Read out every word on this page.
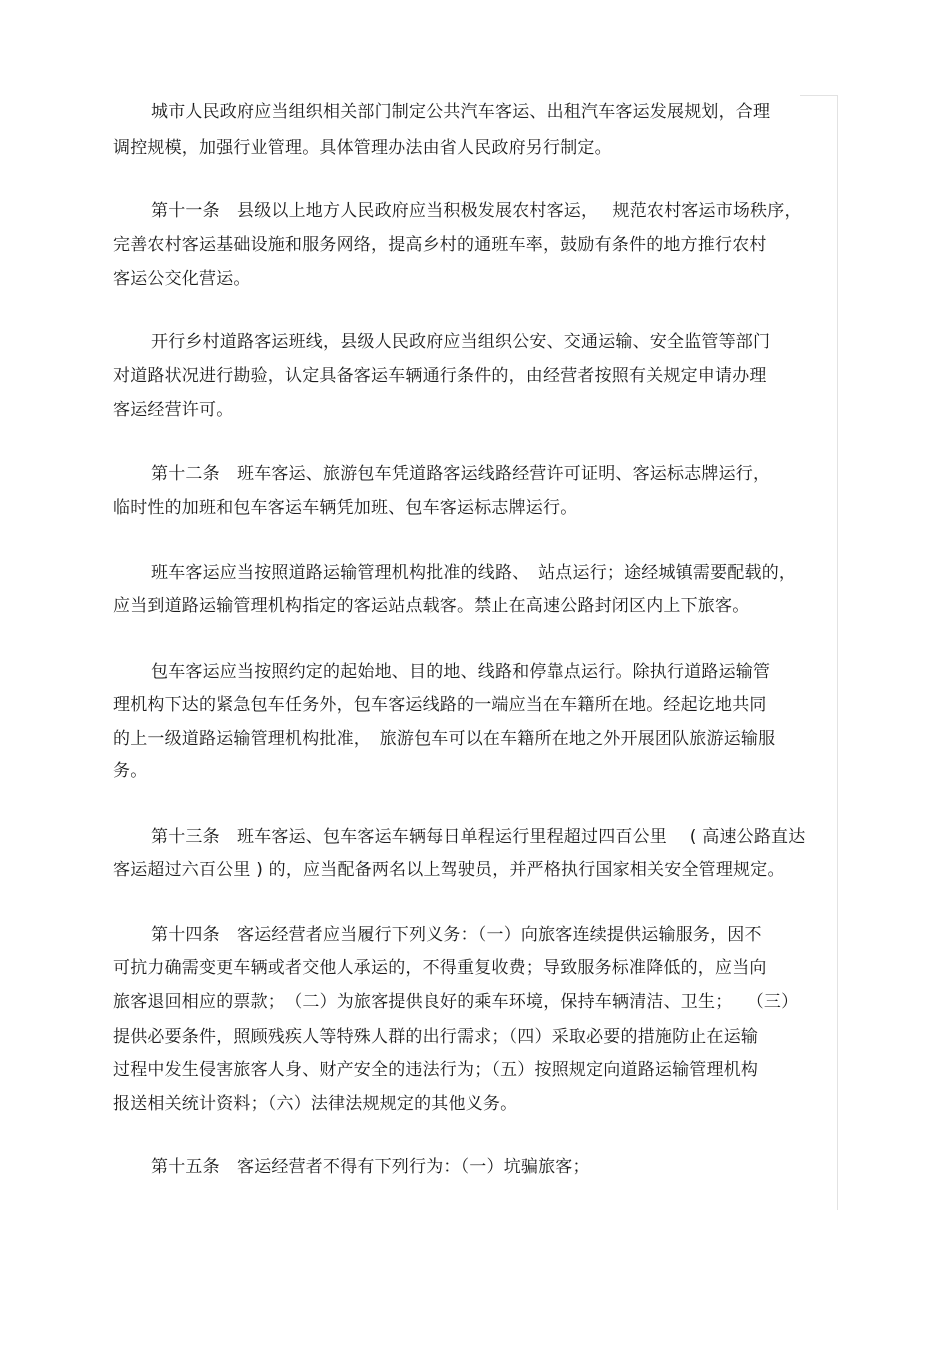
城市人民政府应当组织相关部门制定公共汽车客运、出租汽车客运发展规划，合理
调控规模，加强行业管理。具体管理办法由省人民政府另行制定。
第十一条　县级以上地方人民政府应当积极发展农村客运，　 规范农村客运市场秩序，
完善农村客运基础设施和服务网络，提高乡村的通班车率，鼓励有条件的地方推行农村
客运公交化营运。
开行乡村道路客运班线，县级人民政府应当组织公安、交通运输、安全监管等部门
对道路状况进行勘验，认定具备客运车辆通行条件的，由经营者按照有关规定申请办理
客运经营许可。
第十二条　班车客运、旅游包车凭道路客运线路经营许可证明、客运标志牌运行，
临时性的加班和包车客运车辆凭加班、包车客运标志牌运行。
班车客运应当按照道路运输管理机构批准的线路、　站点运行；途经城镇需要配载的，
应当到道路运输管理机构指定的客运站点载客。禁止在高速公路封闭区内上下旅客。
包车客运应当按照约定的起始地、目的地、线路和停靠点运行。除执行道路运输管
理机构下达的紧急包车任务外，包车客运线路的一端应当在车籍所在地。经起讫地共同
的上一级道路运输管理机构批准，　旅游包车可以在车籍所在地之外开展团队旅游运输服
务。
第十三条　班车客运、包车客运车辆每日单程运行里程超过四百公里　 ( 高速公路直达
客运超过六百公里 ) 的，应当配备两名以上驾驶员，并严格执行国家相关安全管理规定。
第十四条　客运经营者应当履行下列义务：（一）向旅客连续提供运输服务，因不
可抗力确需变更车辆或者交他人承运的，不得重复收费；导致服务标准降低的，应当向
旅客退回相应的票款；　（二）为旅客提供良好的乘车环境，保持车辆清洁、卫生；　 （三）
提供必要条件，照顾残疾人等特殊人群的出行需求；（四）采取必要的措施防止在运输
过程中发生侵害旅客人身、财产安全的违法行为；（五）按照规定向道路运输管理机构
报送相关统计资料；（六）法律法规规定的其他义务。
第十五条　客运经营者不得有下列行为：（一）坑骗旅客；
